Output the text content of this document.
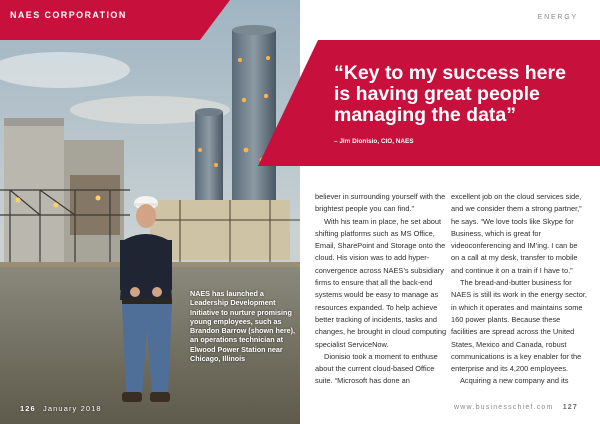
NAES CORPORATION
NAES has launched a Leadership Development Initiative to nurture promising young employees, such as Brandon Barrow (shown here), an operations technician at Elwood Power Station near Chicago, Illinois
126 January 2018
ENERGY
“Key to my success here is having great people managing the data”
– Jim Dionisio, CIO, NAES

believer in surrounding yourself with the brightest people you can find.”

With his team in place, he set about shifting platforms such as MS Office, Email, SharePoint and Storage onto the cloud. His vision was to add hyper-convergence across NAES’s subsidiary firms to ensure that all the back-end systems would be easy to manage as resources expanded. To help achieve better tracking of incidents, tasks and changes, he brought in cloud computing specialist ServiceNow.

Dionisio took a moment to enthuse about the current cloud-based Office suite. “Microsoft has done an

excellent job on the cloud services side, and we consider them a strong partner,” he says. “We love tools like Skype for Business, which is great for videoconferencing and IM’ing. I can be on a call at my desk, transfer to mobile and continue it on a train if I have to.”

The bread-and-butter business for NAES is still its work in the energy sector, in which it operates and maintains some 160 power plants. Because these facilities are spread across the United States, Mexico and Canada, robust communications is a key enabler for the enterprise and its 4,200 employees.

Acquiring a new company and its

www.businesschief.com 127
